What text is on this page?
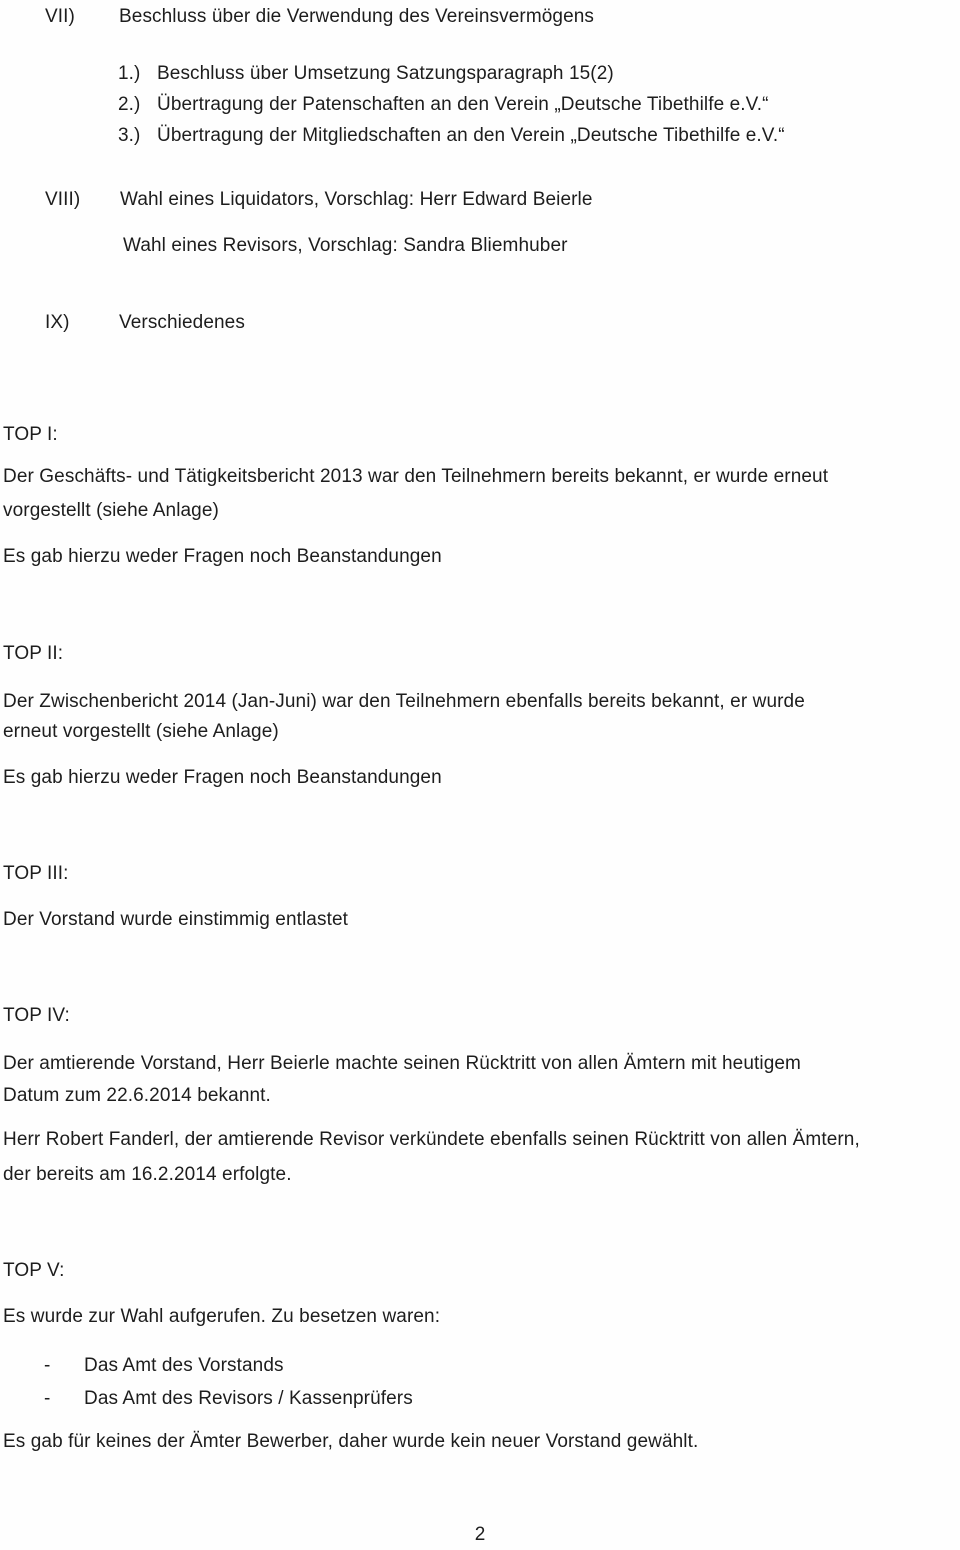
VII) Beschluss über die Verwendung des Vereinsvermögens
1.) Beschluss über Umsetzung Satzungsparagraph 15(2)
2.) Übertragung der Patenschaften an den Verein „Deutsche Tibethilfe e.V.“
3.) Übertragung der Mitgliedschaften an den Verein „Deutsche Tibethilfe e.V.“
VIII) Wahl eines Liquidators, Vorschlag: Herr Edward Beierle
Wahl eines Revisors, Vorschlag: Sandra Bliemhuber
IX)	Verschiedenes
TOP I:
Der Geschäfts- und Tätigkeitsbericht 2013 war den Teilnehmern bereits bekannt, er wurde erneut
vorgestellt (siehe Anlage)
Es gab hierzu weder Fragen noch Beanstandungen
TOP II:
Der Zwischenbericht 2014 (Jan-Juni) war den Teilnehmern ebenfalls bereits bekannt, er wurde
erneut vorgestellt (siehe Anlage)
Es gab hierzu weder Fragen noch Beanstandungen
TOP III:
Der Vorstand wurde einstimmig entlastet
TOP IV:
Der amtierende Vorstand, Herr Beierle machte seinen Rücktritt von allen Ämtern mit heutigem
Datum zum 22.6.2014 bekannt.
Herr Robert Fanderl, der amtierende Revisor verkündete ebenfalls seinen Rücktritt von allen Ämtern,
der bereits am 16.2.2014 erfolgte.
TOP V:
Es wurde zur Wahl aufgerufen. Zu besetzen waren:
- Das Amt des Vorstands
- Das Amt des Revisors / Kassenprüfers
Es gab für keines der Ämter Bewerber, daher wurde kein neuer Vorstand gewählt.
2
